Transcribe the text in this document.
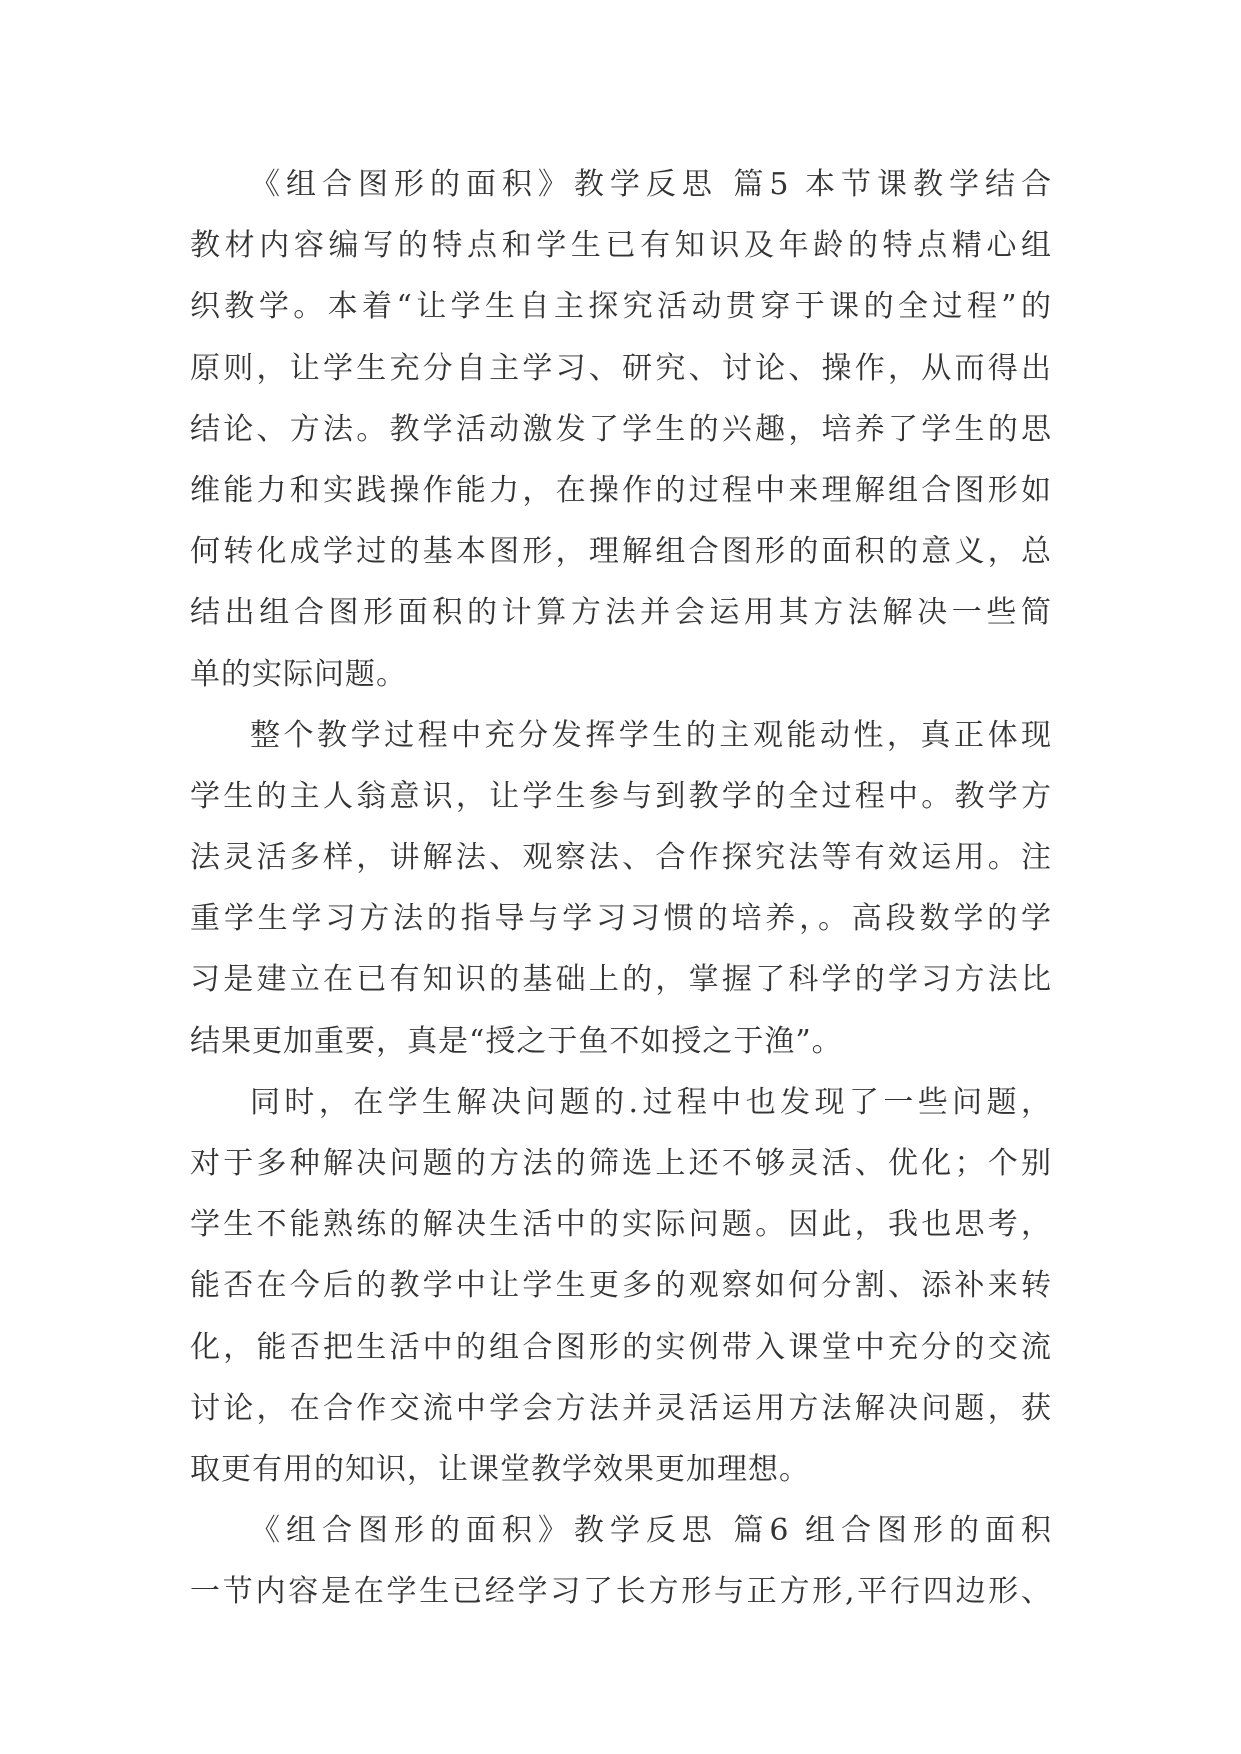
《组合图形的面积》教学反思 篇5 本节课教学结合
教材内容编写的特点和学生已有知识及年龄的特点精心组
织教学。本着“让学生自主探究活动贯穿于课的全过程”的
原则，让学生充分自主学习、研究、讨论、操作，从而得出
结论、方法。教学活动激发了学生的兴趣，培养了学生的思
维能力和实践操作能力，在操作的过程中来理解组合图形如
何转化成学过的基本图形，理解组合图形的面积的意义，总
结出组合图形面积的计算方法并会运用其方法解决一些简
单的实际问题。
整个教学过程中充分发挥学生的主观能动性，真正体现
学生的主人翁意识，让学生参与到教学的全过程中。教学方
法灵活多样，讲解法、观察法、合作探究法等有效运用。注
重学生学习方法的指导与学习习惯的培养，。高段数学的学
习是建立在已有知识的基础上的，掌握了科学的学习方法比
结果更加重要，真是“授之于鱼不如授之于渔”。
同时，在学生解决问题的.过程中也发现了一些问题，
对于多种解决问题的方法的筛选上还不够灵活、优化；个别
学生不能熟练的解决生活中的实际问题。因此，我也思考，
能否在今后的教学中让学生更多的观察如何分割、添补来转
化，能否把生活中的组合图形的实例带入课堂中充分的交流
讨论，在合作交流中学会方法并灵活运用方法解决问题，获
取更有用的知识，让课堂教学效果更加理想。
《组合图形的面积》教学反思 篇6 组合图形的面积
一节内容是在学生已经学习了长方形与正方形,平行四边形、
